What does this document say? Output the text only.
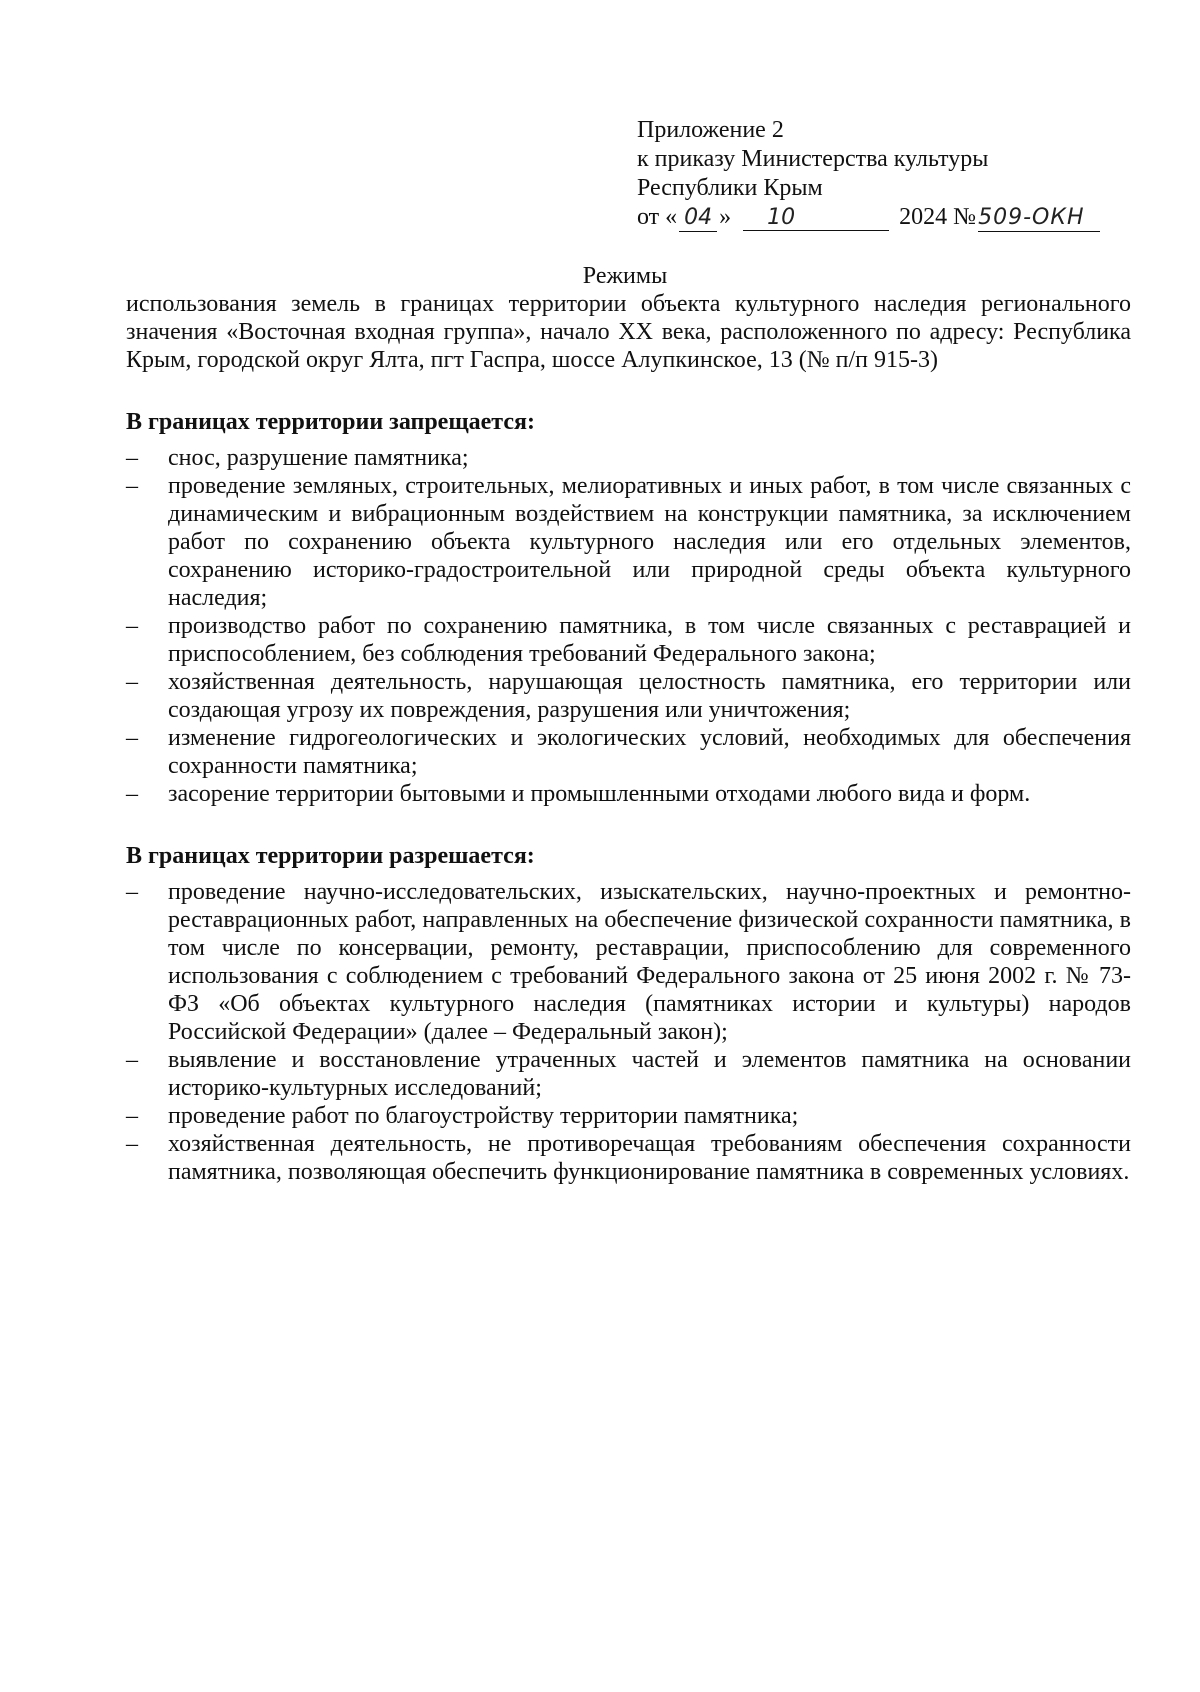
Приложение 2
к приказу Министерства культуры
Республики Крым
от « 04 »	10	2024 № 509-ОКН
Режимы

использования земель в границах территории объекта культурного наследия регионального значения «Восточная входная группа», начало XX века, расположенного по адресу: Республика Крым, городской округ Ялта, пгт Гаспра, шоссе Алупкинское, 13 (№ п/п 915-3)

В границах территории запрещается:
– снос, разрушение памятника;
– проведение земляных, строительных, мелиоративных и иных работ, в том числе связанных с динамическим и вибрационным воздействием на конструкции памятника, за исключением работ по сохранению объекта культурного наследия или его отдельных элементов, сохранению историко-градостроительной или природной среды объекта культурного наследия;
– производство работ по сохранению памятника, в том числе связанных с реставрацией и приспособлением, без соблюдения требований Федерального закона;
– хозяйственная деятельность, нарушающая целостность памятника, его территории или создающая угрозу их повреждения, разрушения или уничтожения;
– изменение гидрогеологических и экологических условий, необходимых для обеспечения сохранности памятника;
– засорение территории бытовыми и промышленными отходами любого вида и форм.
В границах территории разрешается:
– проведение научно-исследовательских, изыскательских, научно-проектных и ремонтно-реставрационных работ, направленных на обеспечение физической сохранности памятника, в том числе по консервации, ремонту, реставрации, приспособлению для современного использования с соблюдением с требований Федерального закона от 25 июня 2002 г. № 73-ФЗ «Об объектах культурного наследия (памятниках истории и культуры) народов Российской Федерации» (далее – Федеральный закон);
– выявление и восстановление утраченных частей и элементов памятника на основании историко-культурных исследований;
– проведение работ по благоустройству территории памятника;
– хозяйственная деятельность, не противоречащая требованиям обеспечения сохранности памятника, позволяющая обеспечить функционирование памятника в современных условиях.
